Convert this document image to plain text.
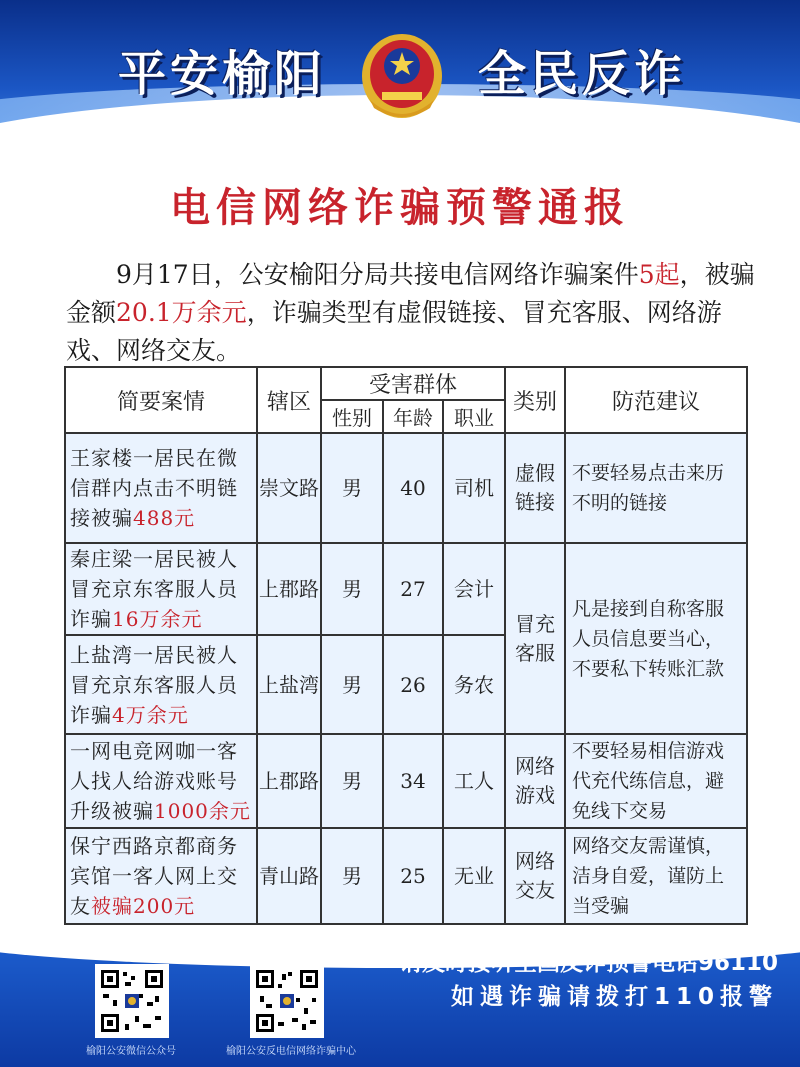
平安榆阳	全民反诈
电信网络诈骗预警通报
9月17日，公安榆阳分局共接电信网络诈骗案件5起，被骗金额20.1万余元，诈骗类型有虚假链接、冒充客服、网络游戏、网络交友。
简要案情	辖区	受害群体			类别	防范建议
		性别	年龄	职业		
王家楼一居民在微信群内点击不明链接被骗488元	崇文路	男	40	司机	虚假链接	不要轻易点击来历不明的链接
秦庄梁一居民被人冒充京东客服人员诈骗16万余元	上郡路	男	27	会计	冒充客服	凡是接到自称客服人员信息要当心，不要私下转账汇款
上盐湾一居民被人冒充京东客服人员诈骗4万余元	上盐湾	男	26	务农		
一网电竞网咖一客人找人给游戏账号升级被骗1000余元	上郡路	男	34	工人	网络游戏	不要轻易相信游戏代充代练信息，避免线下交易
保宁西路京都商务宾馆一客人网上交友被骗200元	青山路	男	25	无业	网络交友	网络交友需谨慎，洁身自爱，谨防上当受骗
请及时接听全国反诈预警电话96110
如遇诈骗请拨打110报警
榆阳公安微信公众号	榆阳公安反电信网络诈骗中心
